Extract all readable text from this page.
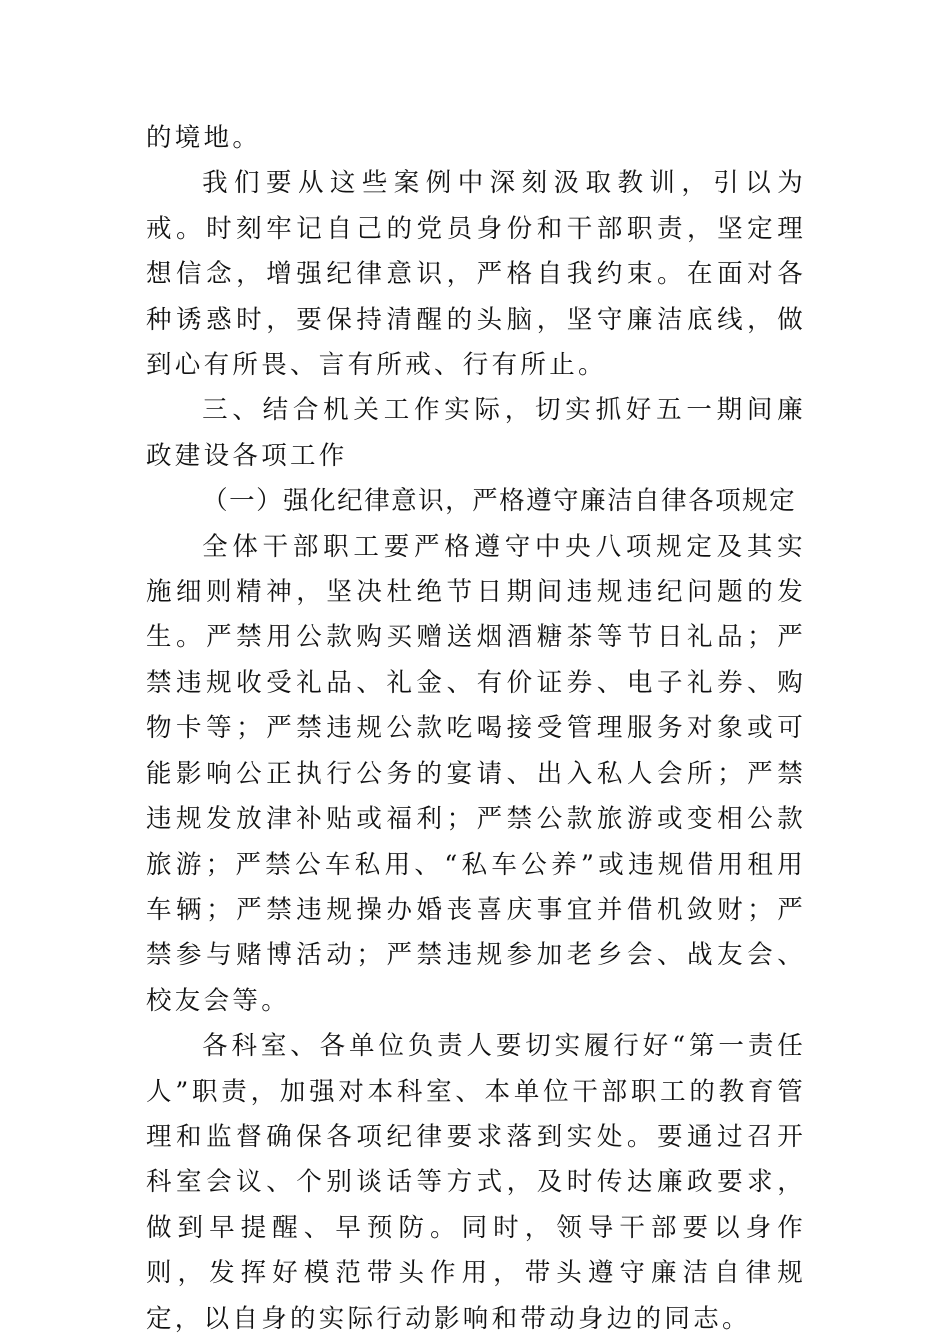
的境地。

我们要从这些案例中深刻汲取教训，引以为戒。时刻牢记自己的党员身份和干部职责，坚定理想信念，增强纪律意识，严格自我约束。在面对各种诱惑时，要保持清醒的头脑，坚守廉洁底线，做到心有所畏、言有所戒、行有所止。

三、结合机关工作实际，切实抓好五一期间廉政建设各项工作

（一）强化纪律意识，严格遵守廉洁自律各项规定

全体干部职工要严格遵守中央八项规定及其实施细则精神，坚决杜绝节日期间违规违纪问题的发生。严禁用公款购买赠送烟酒糖茶等节日礼品；严禁违规收受礼品、礼金、有价证券、电子礼券、购物卡等；严禁违规公款吃喝接受管理服务对象或可能影响公正执行公务的宴请、出入私人会所；严禁违规发放津补贴或福利；严禁公款旅游或变相公款旅游；严禁公车私用、“私车公养”或违规借用租用车辆；严禁违规操办婚丧喜庆事宜并借机敛财；严禁参与赌博活动；严禁违规参加老乡会、战友会、校友会等。

各科室、各单位负责人要切实履行好“第一责任人”职责，加强对本科室、本单位干部职工的教育管理和监督确保各项纪律要求落到实处。要通过召开科室会议、个别谈话等方式，及时传达廉政要求，做到早提醒、早预防。同时，领导干部要以身作则，发挥好模范带头作用，带头遵守廉洁自律规定，以自身的实际行动影响和带动身边的同志。
